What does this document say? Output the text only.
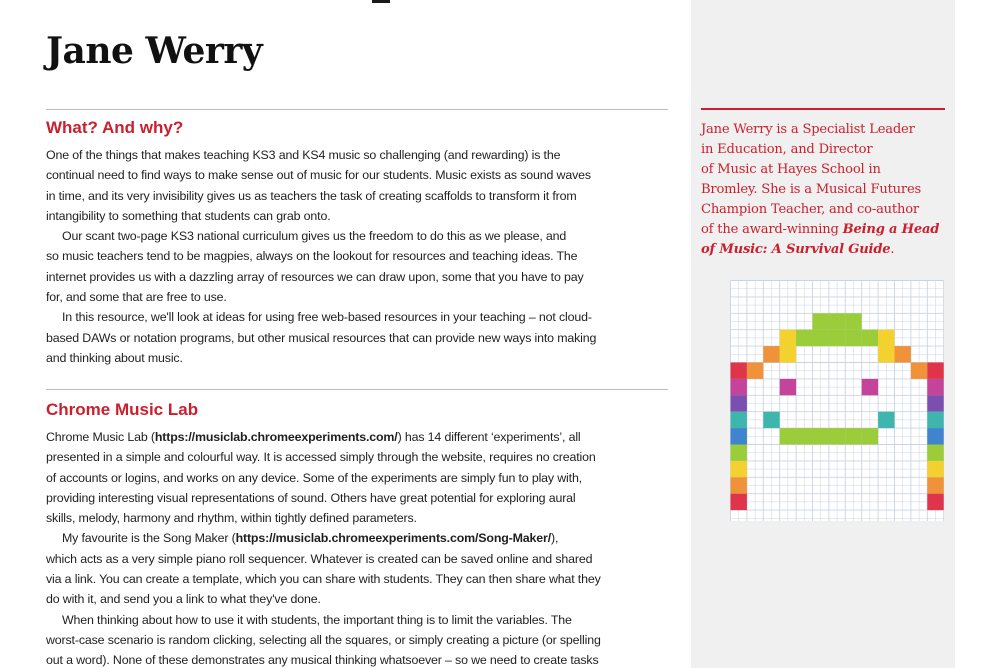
Jane Werry
What? And why?
One of the things that makes teaching KS3 and KS4 music so challenging (and rewarding) is the
continual need to find ways to make sense out of music for our students. Music exists as sound waves
in time, and its very invisibility gives us as teachers the task of creating scaffolds to transform it from
intangibility to something that students can grab onto.
Our scant two-page KS3 national curriculum gives us the freedom to do this as we please, and
so music teachers tend to be magpies, always on the lookout for resources and teaching ideas. The
internet provides us with a dazzling array of resources we can draw upon, some that you have to pay
for, and some that are free to use.
In this resource, we'll look at ideas for using free web-based resources in your teaching – not cloud-
based DAWs or notation programs, but other musical resources that can provide new ways into making
and thinking about music.
Chrome Music Lab
Chrome Music Lab (https://musiclab.chromeexperiments.com/) has 14 different ‘experiments’, all
presented in a simple and colourful way. It is accessed simply through the website, requires no creation
of accounts or logins, and works on any device. Some of the experiments are simply fun to play with,
providing interesting visual representations of sound. Others have great potential for exploring aural
skills, melody, harmony and rhythm, within tightly defined parameters.
My favourite is the Song Maker (https://musiclab.chromeexperiments.com/Song-Maker/),
which acts as a very simple piano roll sequencer. Whatever is created can be saved online and shared
via a link. You can create a template, which you can share with students. They can then share what they
do with it, and send you a link to what they've done.
When thinking about how to use it with students, the important thing is to limit the variables. The
worst-case scenario is random clicking, selecting all the squares, or simply creating a picture (or spelling
out a word). None of these demonstrates any musical thinking whatsoever – so we need to create tasks
Jane Werry is a Specialist Leader
in Education, and Director
of Music at Hayes School in
Bromley. She is a Musical Futures
Champion Teacher, and co-author
of the award-winning Being a Head
of Music: A Survival Guide.
